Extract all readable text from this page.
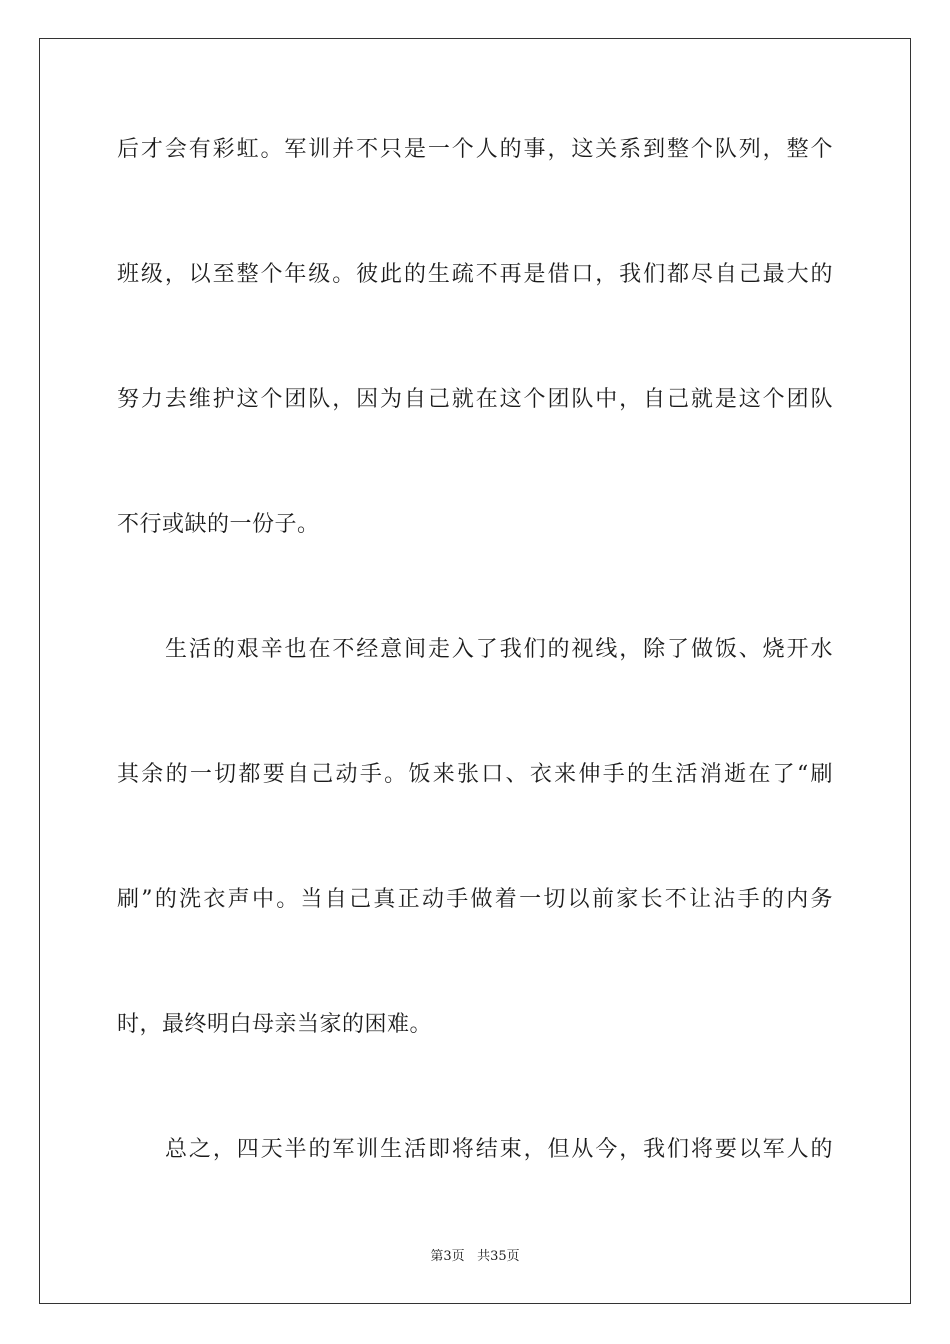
后才会有彩虹。军训并不只是一个人的事，这关系到整个队列，整个
班级，以至整个年级。彼此的生疏不再是借口，我们都尽自己最大的
努力去维护这个团队，因为自己就在这个团队中，自己就是这个团队
不行或缺的一份子。
生活的艰辛也在不经意间走入了我们的视线，除了做饭、烧开水
其余的一切都要自己动手。饭来张口、衣来伸手的生活消逝在了“刷
刷”的洗衣声中。当自己真正动手做着一切以前家长不让沾手的内务
时，最终明白母亲当家的困难。
总之，四天半的军训生活即将结束，但从今，我们将要以军人的
第3页 共35页
